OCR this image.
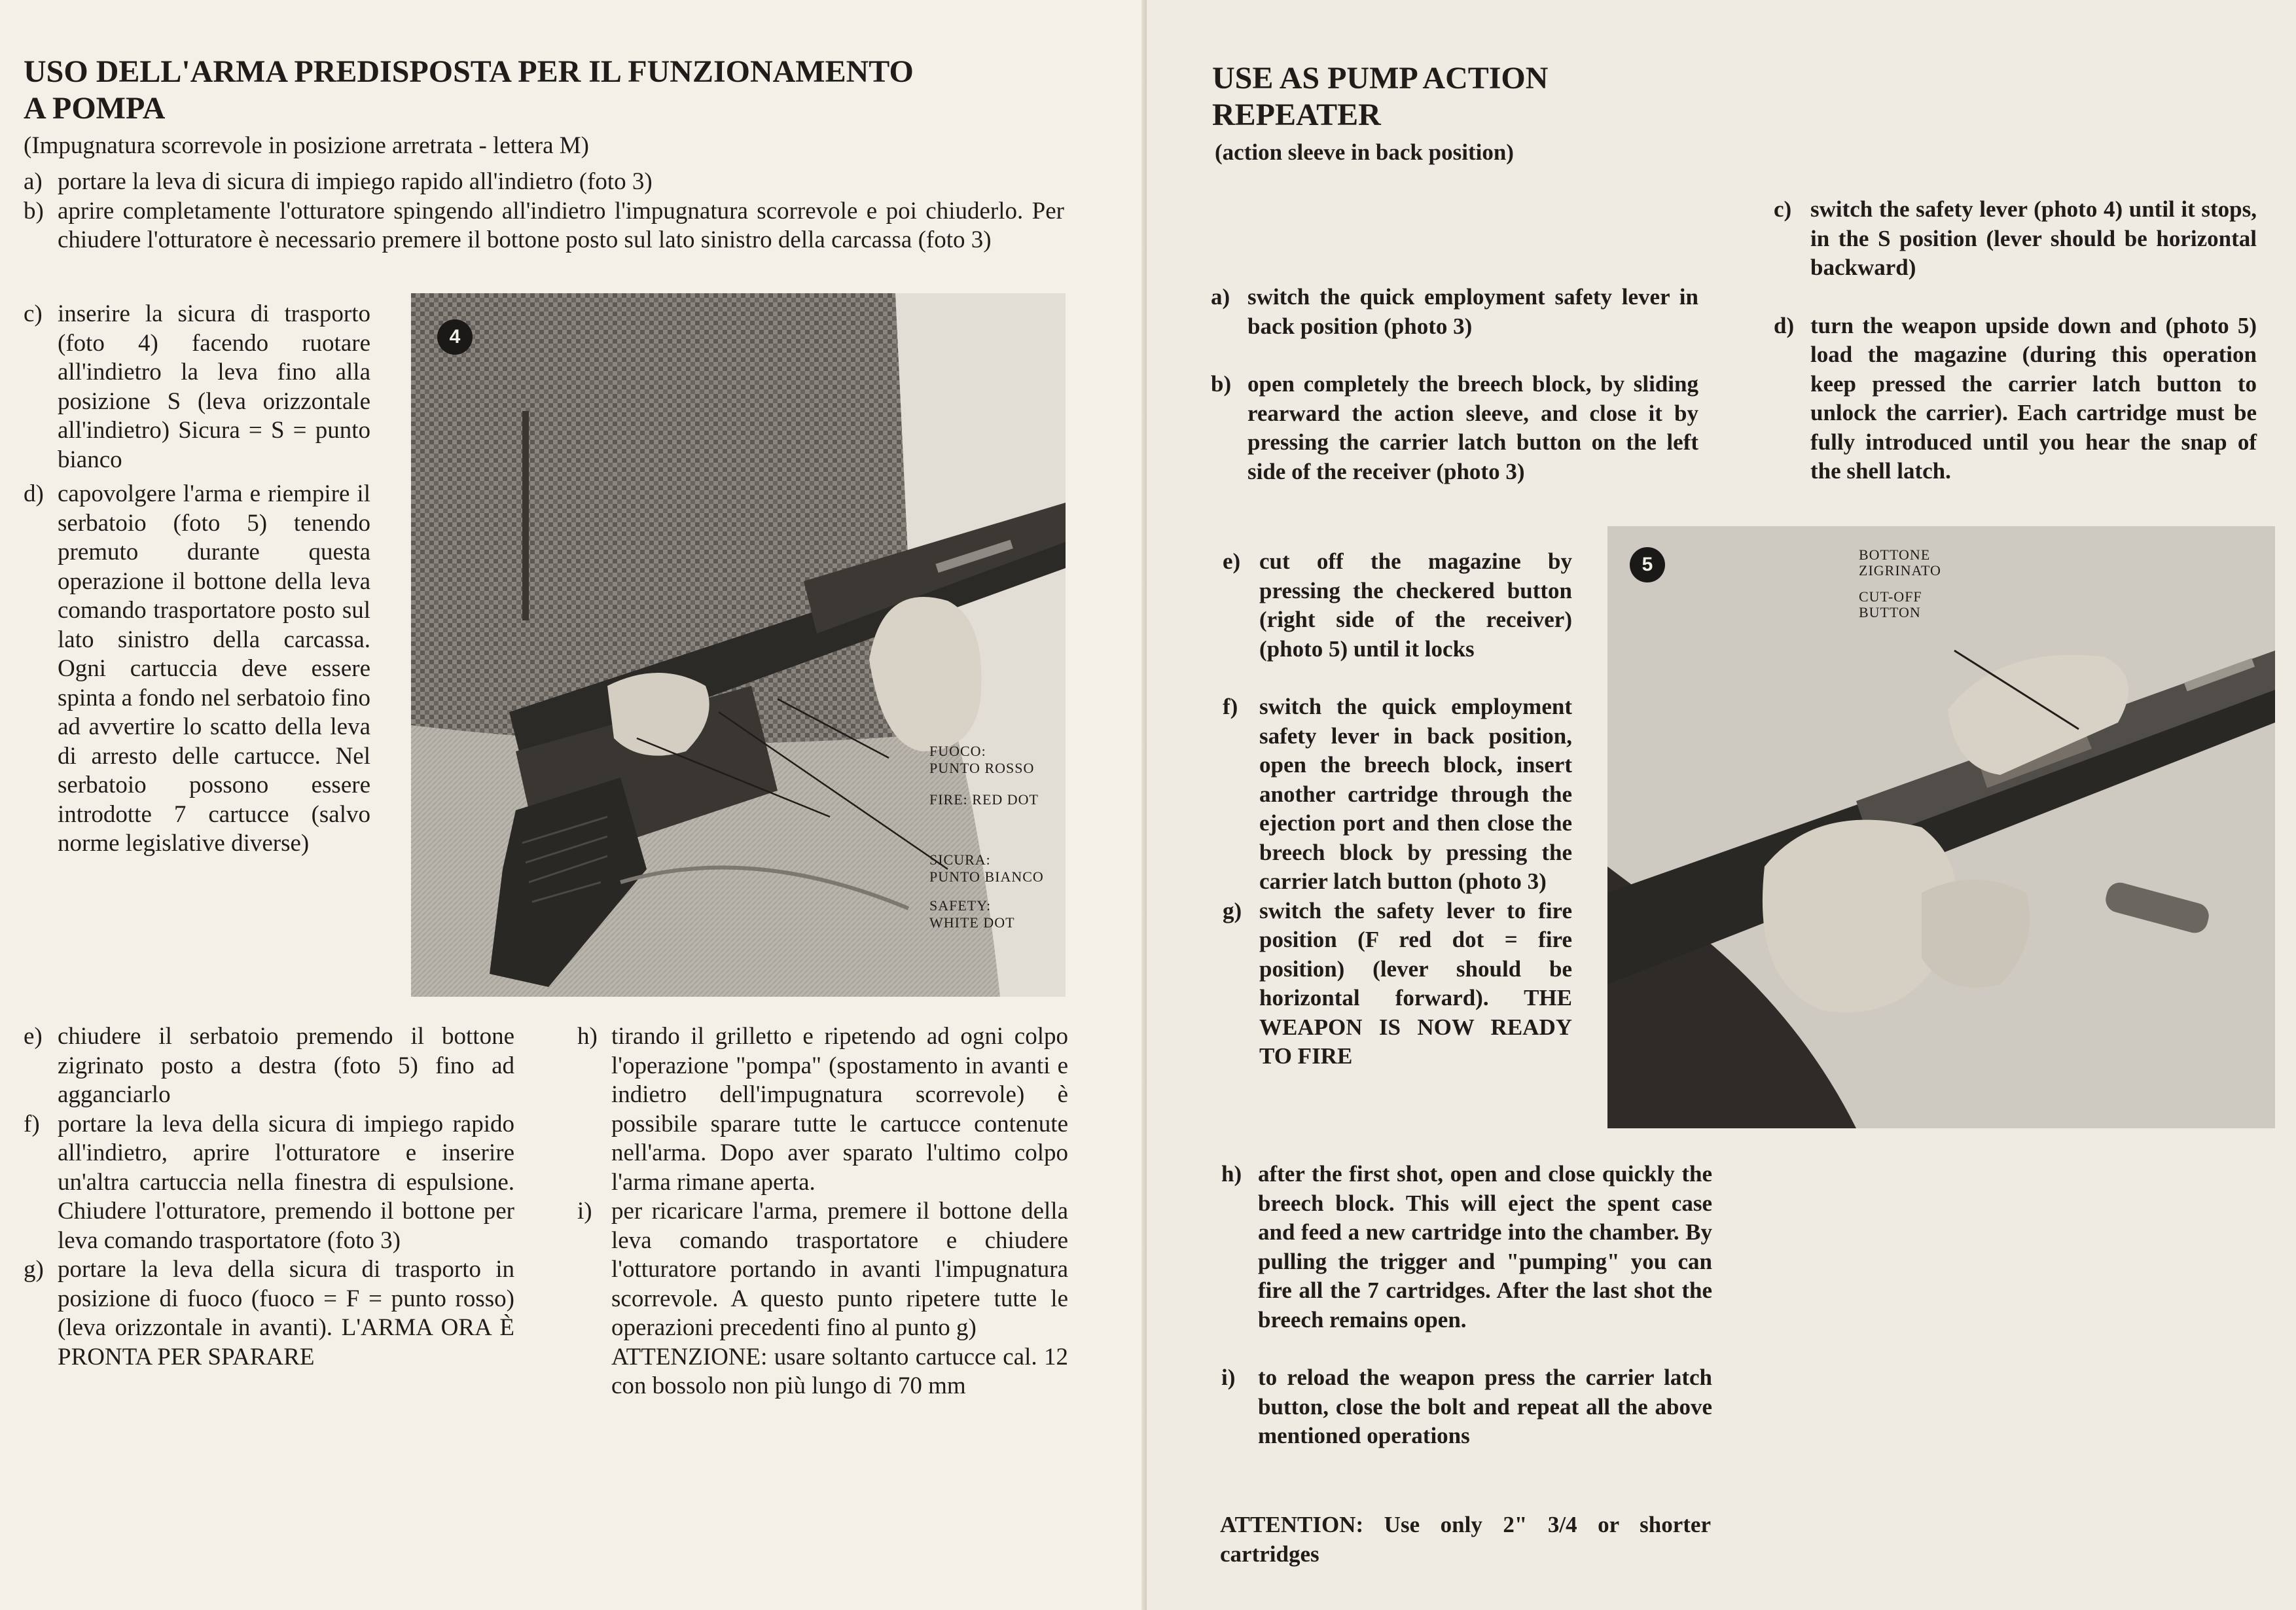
USO DELL'ARMA PREDISPOSTA PER IL FUNZIONAMENTO
A POMPA
(Impugnatura scorrevole in posizione arretrata - lettera M)
a) portare la leva di sicura di impiego rapido all'indietro (foto 3)
b) aprire completamente l'otturatore spingendo all'indietro l'impugnatura scorrevole e poi chiuderlo. Per chiudere l'otturatore è necessario premere il bottone posto sul lato sinistro della carcassa (foto 3)
c) inserire la sicura di trasporto (foto 4) facendo ruotare all'indietro la leva fino alla posizione S (leva orizzontale all'indietro) Sicura = S = punto bianco
d) capovolgere l'arma e riempire il serbatoio (foto 5) tenendo premuto durante questa operazione il bottone della leva comando trasportatore posto sul lato sinistro della carcassa. Ogni cartuccia deve essere spinta a fondo nel serbatoio fino ad avvertire lo scatto della leva di arresto delle cartucce. Nel serbatoio possono essere introdotte 7 cartucce (salvo norme legislative diverse)
4
FUOCO:
PUNTO ROSSO
FIRE: RED DOT
SICURA:
PUNTO BIANCO
SAFETY:
WHITE DOT
e) chiudere il serbatoio premendo il bottone zigrinato posto a destra (foto 5) fino ad agganciarlo
f) portare la leva della sicura di impiego rapido all'indietro, aprire l'otturatore e inserire un'altra cartuccia nella finestra di espulsione. Chiudere l'otturatore, premendo il bottone per leva comando trasportatore (foto 3)
g) portare la leva della sicura di trasporto in posizione di fuoco (fuoco = F = punto rosso) (leva orizzontale in avanti). L'ARMA ORA È PRONTA PER SPARARE
h) tirando il grilletto e ripetendo ad ogni colpo l'operazione "pompa" (spostamento in avanti e indietro dell'impugnatura scorrevole) è possibile sparare tutte le cartucce contenute nell'arma. Dopo aver sparato l'ultimo colpo l'arma rimane aperta.
i) per ricaricare l'arma, premere il bottone della leva comando trasportatore e chiudere l'otturatore portando in avanti l'impugnatura scorrevole. A questo punto ripetere tutte le operazioni precedenti fino al punto g)
ATTENZIONE: usare soltanto cartucce cal. 12 con bossolo non più lungo di 70 mm
USE AS PUMP ACTION
REPEATER
(action sleeve in back position)
a) switch the quick employment safety lever in back position (photo 3)
b) open completely the breech block, by sliding rearward the action sleeve, and close it by pressing the carrier latch button on the left side of the receiver (photo 3)
c) switch the safety lever (photo 4) until it stops, in the S position (lever should be horizontal backward)
d) turn the weapon upside down and (photo 5) load the magazine (during this operation keep pressed the carrier latch button to unlock the carrier). Each cartridge must be fully introduced until you hear the snap of the shell latch.
e) cut off the magazine by pressing the checkered button (right side of the receiver) (photo 5) until it locks
f) switch the quick employment safety lever in back position, open the breech block, insert another cartridge through the ejection port and then close the breech block by pressing the carrier latch button (photo 3)
g) switch the safety lever to fire position (F red dot = fire position) (lever should be horizontal forward). THE WEAPON IS NOW READY TO FIRE
5	BOTTONE
ZIGRINATO
CUT-OFF
BUTTON
h) after the first shot, open and close quickly the breech block. This will eject the spent case and feed a new cartridge into the chamber. By pulling the trigger and "pumping" you can fire all the 7 cartridges. After the last shot the breech remains open.
i) to reload the weapon press the carrier latch button, close the bolt and repeat all the above mentioned operations
ATTENTION: Use only 2" 3/4 or shorter cartridges
